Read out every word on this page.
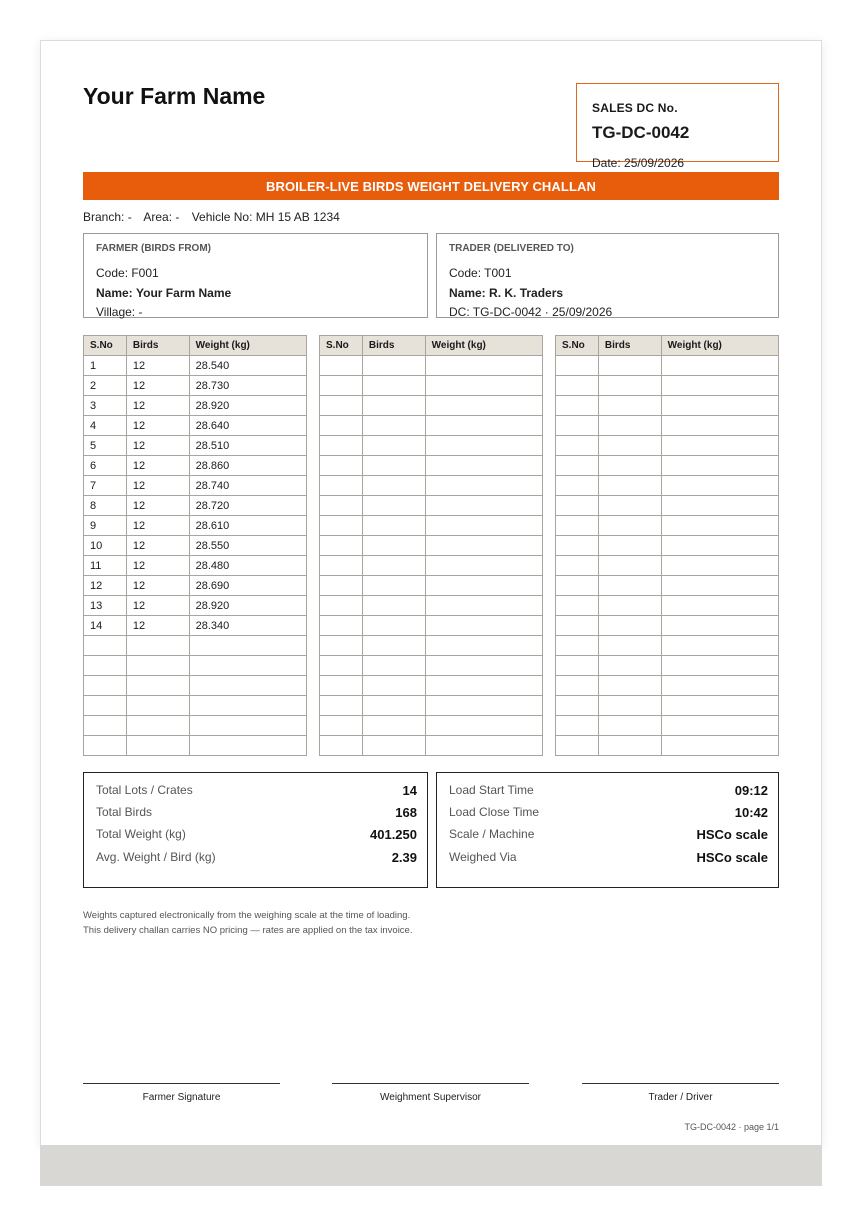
Your Farm Name	SALES DC No.
TG-DC-0042
Date: 25/09/2026
BROILER-LIVE BIRDS WEIGHT DELIVERY CHALLAN
Branch: - Area: - Vehicle No: MH 15 AB 1234
FARMER (BIRDS FROM)
Code: F001
Name: Your Farm Name
Village: -
TRADER (DELIVERED TO)
Code: T001
Name: R. K. Traders
DC: TG-DC-0042 · 25/09/2026
S.No	Birds	Weight (kg)
1	12	28.540
2	12	28.730
3	12	28.920
4	12	28.640
5	12	28.510
6	12	28.860
7	12	28.740
8	12	28.720
9	12	28.610
10	12	28.550
11	12	28.480
12	12	28.690
13	12	28.920
14	12	28.340

S.No	Birds	Weight (kg)

			S.No	Birds	Weight (kg)

Total Lots / Crates	14
Total Birds	168
Total Weight (kg)	401.250
Avg. Weight / Bird (kg)	2.39
Load Start Time	09:12
Load Close Time	10:42
Scale / Machine	HSCo scale
Weighed Via	HSCo scale
Weights captured electronically from the weighing scale at the time of loading.
This delivery challan carries NO pricing — rates are applied on the tax invoice.
Farmer Signature	Weighment Supervisor	Trader / Driver
TG-DC-0042 · page 1/1
